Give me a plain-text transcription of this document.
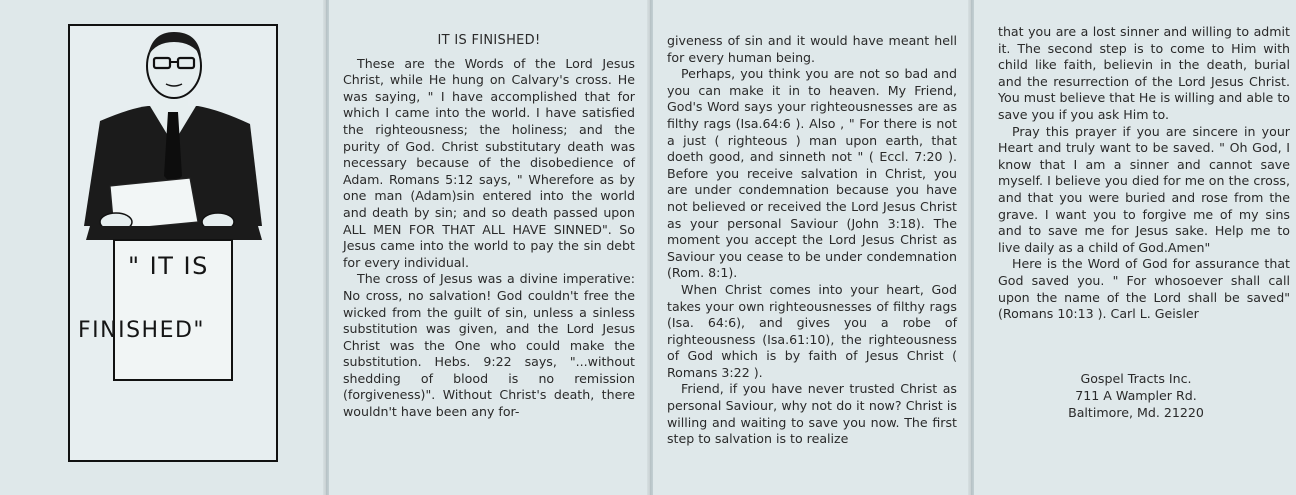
" IT IS
FINISHED"
IT IS FINISHED!

These are the Words of the Lord Jesus Christ, while He hung on Calvary's cross. He was saying, " I have accomplished that for which I came into the world. I have satisfied the righteousness; the holiness; and the purity of God. Christ substitutary death was necessary because of the disobedience of Adam. Romans 5:12 says, " Wherefore as by one man (Adam)sin entered into the world and death by sin; and so death passed upon ALL MEN FOR THAT ALL HAVE SINNED". So Jesus came into the world to pay the sin debt for every individual.

The cross of Jesus was a divine imperative: No cross, no salvation! God couldn't free the wicked from the guilt of sin, unless a sinless substitution was given, and the Lord Jesus Christ was the One who could make the substitution. Hebs. 9:22 says, "...without shedding of blood is no remission (forgiveness)". Without Christ's death, there wouldn't have been any for-

giveness of sin and it would have meant hell for every human being.

Perhaps, you think you are not so bad and you can make it in to heaven. My Friend, God's Word says your righteousnesses are as filthy rags (Isa.64:6 ). Also , " For there is not a just ( righteous ) man upon earth, that doeth good, and sinneth not " ( Eccl. 7:20 ). Before you receive salvation in Christ, you are under condemnation because you have not believed or received the Lord Jesus Christ as your personal Saviour (John 3:18). The moment you accept the Lord Jesus Christ as Saviour you cease to be under condemnation (Rom. 8:1).

When Christ comes into your heart, God takes your own righteousnesses of filthy rags (Isa. 64:6), and gives you a robe of righteousness (Isa.61:10), the righteousness of God which is by faith of Jesus Christ ( Romans 3:22 ).

Friend, if you have never trusted Christ as personal Saviour, why not do it now? Christ is willing and waiting to save you now. The first step to salvation is to realize

that you are a lost sinner and willing to admit it. The second step is to come to Him with child like faith, believin in the death, burial and the resurrection of the Lord Jesus Christ. You must believe that He is willing and able to save you if you ask Him to.

Pray this prayer if you are sincere in your Heart and truly want to be saved. " Oh God, I know that I am a sinner and cannot save myself. I believe you died for me on the cross, and that you were buried and rose from the grave. I want you to forgive me of my sins and to save me for Jesus sake. Help me to live daily as a child of God.Amen"

Here is the Word of God for assurance that God saved you. " For whosoever shall call upon the name of the Lord shall be saved" (Romans 10:13 ). Carl L. Geisler

Gospel Tracts Inc.
711 A Wampler Rd.
Baltimore, Md. 21220
